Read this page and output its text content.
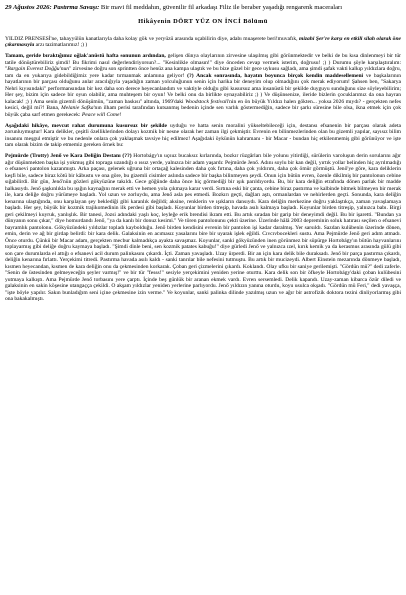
29 Ağustos 2026: Pastırma Savaşı: Bir mavi fil meddahın, güvenilir fil arkadaşı Filiz ile beraber yaşadığı rengarenk maceraları

Hikâyenin DÖRT YÜZ ON İNCİ Bölümü

YILDIZ PRENSESİ'ne, tahayyülün kanatlarıyla daha kolay gök ve yeryüzü arasında uçabilirin diye, adabı muaşerete beri!muvafık, mizahi Şer're karşı en etkili silah olarak öne çıkarmasıyla arzı tazimatlarımız! ;) )

Tamam, geride bıraktığımız oğlak'anüstü hafta sonunun ardından, gelişen dünya olaylarının zirvesine ulaşılmış gibi görünmektedir ve belki de bu kısa dinlenmeyi bir tür tatile dönüştürebiliriz şimdi! Bu fikrimi nasıl değerlendiriyorsun?... "Kesinlikle olmasın!" diye önceden cevap vermek isterim, doğrusu! ;) ) Durumu şöyle karşılaştıralım: "Bargain Everest Doğğu'nun" zirvesine doğru son sprintten önce henüz ana kampa ulaştık ve bu bize güzel bir gece uykusu sağladı, ama şimdi şafak vakti kalkıp yıldızlara doğru, tam da en yukarıya gidebildiğimiz yere kadar tırmanmak anlamına geliyor! (?) Ancak sonrasında, hayatın boyunca birçok kendin maddesellemeni ve başkalarının hayatlarının bir parçası olduğunu anlar aracılığıyla yaşadığın zaman yolculuğunun senin için harika bir deneyim olup olmadığını çok merak ediyorum! Şahsen ben, "Sakarya Nehri kıyısındaki" performansından bir kez daha son derece heyecanlandım ve vaktiyle olduğu gibi kusursuz ama insanüstü bir şekilde duyguyu sunduğunu size söyleyebilirim; Her şey, bizim için sadece bir oyun olabilir, ama muhteşem bir oyun! Ve belki onu da birlikte oynayabiliriz ;) ) Ve düşünsenize, ileride bizlerin çocuklarımız da ona hayran kalacak! ;) ) Ama senin gizemli dönüşümün, "zaman baskısı" altında, 1969'daki Woodstock festivali'nin en ön büyük Yıldızı halen gökten... yoksa 2026 mıydı? - gerçekten nefes kesici, değil mi?! Bana, Melanie Safka'nın ilham perisi tarafından kutsanmış bedenin içinde sen varlık göstermediğin, sadece bir şarkı süresine bile olsa, ikna etmek için çok büyük çaba sarf etmen gerekecek: Peace will Come!

Aşağıdaki hikâye, mevcut rahat durumuna kusursuz bir şekilde uyduğu ve hatta senin moralini yükseltebileceği için, destansı efsanenin bir parçası olarak adeta zorunluymuştur! Kara delikler, çeşitli özelliklerinden dolayı kozmik bir nesne olarak her zaman ilgi çekmiştir. Evrenin en bilinmezlerinden olan bu gizemli yapılar, sayısız bilim insanını meşgul etmiştir ve bu nedenle onlara çok yaklaşmak tavsiye hiç edilmez! Aşağıdaki öykünün kahramanı - bir Macar - bundan hiç etkilenmemiş gibi görünüyor ve işte tam olarak bizim de takip etmemiz gereken örnek bu:

Pejmürde (Trotty) Jenő ve Kara Deliğin Destanı (??) Hortobágy'ın uçsuz bucaksız kırlarında, bozkır rüzgârları bile yolunu yitirdiği, sürülerin varoluşun derin sorularını ağır ağır düşünmekten başka işi yokmuş gibi topraga uzandığı o ıssız yerde, yalnızca bir adam yaşardı: Pejmürde Jenő. Adını soylu bir kan değil, yırtık yollar belinden hiç ayrılmadığı o efsanevi pantolon kazanmıştı. Arka paçası, gelenek uğruna bir ortaçağ kalesinden daha çok fırtına, daha çok yıldırım, daha çok ömür görmüştü. Jenő'ye göre, kara deliklerin keşfi bile, sadece biraz kötü bir kâbustu ve ona göre, bu gizemli cisimler aslında sadece bir başka bilinmeyen şeydi. Onun için bütün evren, özenle dikilmiş bir pantolonun cebine sığabilirdi. Bir gün, Jenő'nün gözleri gökyüzüne takıldı. Gece göğünde daha önce hiç görmediği bir ışık parıldıyordu. Bu, bir kara deliğin etrafında dönen parlak bir madde halkasıydı. Jenő şaşkınlıkla bu ışığın kaynağını merak etti ve hemen yola çıkmaya karar verdi. Sırtına eski bir çanta, cebine biraz pastırma ve kalbinde bitmek bilmeyen bir merak ile, kara deliğe doğru yürümeye başladı. Yol uzun ve zorluydu, ama Jenő asla pes etmedi. Bozkırı geçti, dağları aştı, ormanlardan ve nehirlerden geçti. Sonunda, kara deliğin kenarına ulaştığında, onu karşılayan şey beklediği gibi karanlık değildi; aksine, renklerin ve ışıkların dansıydı. Kara deliğin merkezine doğru yaklaştıkça, zaman yavaşlamaya başladı. Her şey, büyük bir kozmik trajikomedinin ilk perdesi gibi başladı. Koyunlar birden titreşip, havada asılı kalmaya başladı. Koyunlar birden titreşip, yalnızca babı. Birgi geri çekilmeyi kuyruk, yanlışlık. Bir tanesi, Jozsi adındaki yaşlı koç, leyleğe erik brendisi ikram etti. Bu artık sıradan bir garip bir deneyimdi değil. Bu bir işaretti. "Bundan ya dünyanın sonu çıkar," diye homurdandı Jenő, "ya da kanlı bir donuz kesimi." Ve tören pantolonunu çekti üzerine. Üzerinde hâlâ 2003 depreminin soluk hatırası seçilen o efsanevi bayramlık pantolonu. Gökyüzündeki yıldızlar topladı kaybolduğu. Jenő birden kendisini evrenin bir pantolon işi kadar daralmış. Yer sarsıldı. Sazdan kulübenin üzerinde dönen, emin, derin ve ağ bir girdap belirdi: bir kara delik. Galaksinin en acımasız yasalarını bire bir uyarak işlek eğildi. Cıvcıvbocekleri sustu. Ama Pejmürde Jenő geri adım atmadı. Önce oturdu. Çünkü bir Macar adam, gerçekten mecbur kalmadıkça ayakta savaşmaz. Koyunlar, sanki gökyüzünden inen görünmez bir süpürge Hortobágy'ın bütün hayvanlarını toplayarmış gibi deliğe doğru kaymaya başladı. "Şimdi dinle beni, sen kozmik patates kabuğu!" diye gürledi Jenő ve yalnızca ızel, kırık kemik ya da kerasmus arasında gülü gibi son çare durumlarda el attığı o efsanevi acil durum palinkasını çıkardı. İçti. Zaman yavaşladı. Uzay ürperdi. Bir an için kara delik bile duraksadı. Jenő bir parça pastırma çıkardı, deliğin kenarına fırlattı. Yerçekimi titredi. Pastırma havada asılı kaldı - sanki tanrılar bile nefesini tutmuştu. Bu artık bir mucizeydi. Albert Einstein mezarında dönmeye başladı, kısmen heyecandan, kısmen de kara deliğin onu da çekmesinden korkarak. Çoban geri çizmelerini çıkardı. Koklandı. Olay ufku bir saniye gerilemişti. "Gördün mü?" dedi zaferle. "Senin de üstesinden gelmeyeceğin şeyler varmış!" ve bir tür "fesss!" sesiyle yerçekimini yeniden yerine oturttu. Kara delik son bir öfkeyle Hortobágy'daki çoban kulübesini yutmaya kalkıştı. Ama Pejmürde Jenő torbasını yere çarptı. İçinde beş günlük bir aranan ekmek vardı. Evren sersemledi. Delik kapandı. Uzay-zaman kibarca özür diledi ve galaksinin en sakin köşesine utangaçça çekildi. O akşam yıldızlar yeniden yerlerine parlıyordu. Jenő yıldızın yanına oturdu, koyu usulca okşadı. "Gördün mü Feri," dedi yavaşça, "işte böyle yapılır. Sakın bunladığım seni içine çekmesine izin verme." Ve koyunlar, sanki palinka dilinde yazılmış uzun ve ağır bir astrofizik doktora tezini dinliyorlarmış gibi ona bakakalmıştı.
